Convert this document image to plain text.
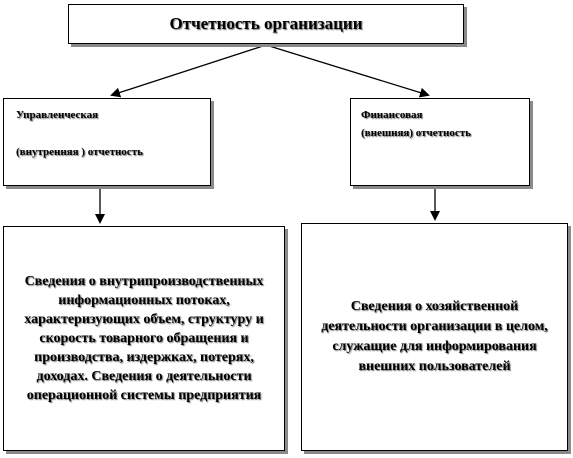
Отчетность организации
Управленческая
(внутренняя ) отчетность
Финансовая
(внешняя) отчетность
Сведения о внутрипроизводственных информационных потоках, характеризующих объем, структуру и скорость товарного обращения и производства, издержках, потерях, доходах. Сведения о деятельности операционной системы предприятия
Сведения о хозяйственной деятельности организации в целом, служащие для информирования внешних пользователей
